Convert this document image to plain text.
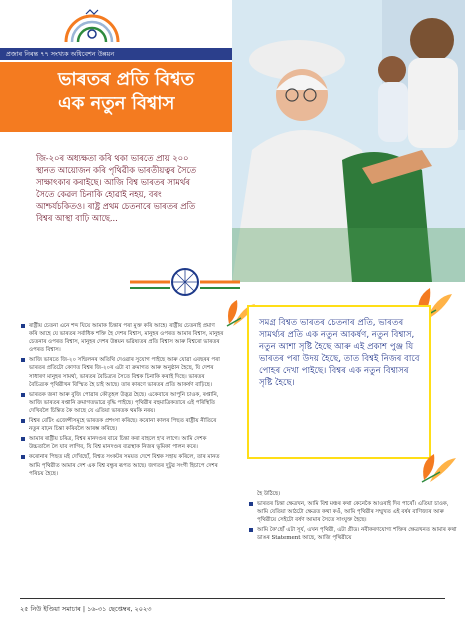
প্ৰজাৰ নিৰন্ত ৭৭ সংখ্যক অধিবেশন উন্নয়ন
ভাৰতৰ প্ৰতি বিশ্বত
এক নতুন বিশ্বাস

জি-২০ৰ অধ্যক্ষতা কৰি থকা ভাৰতে প্ৰায় ২০০ স্থানত আয়োজন কৰি পৃথিৱীক ভাৰতীয়ত্বৰ সৈতে সাক্ষাৎকাৰ কৰাইছে। আজি বিশ্ব ভাৰতৰ সামৰ্থৰ সৈতে কেৱল চিনাকি হোৱাই নহয়, বৰং আশ্চৰ্যচকিতও। ৰাষ্ট্ৰ প্ৰথম চেতনাৰে ভাৰতৰ প্ৰতি বিশ্বৰ আস্থা বাঢ়ি আছে...

ৰাষ্ট্ৰীয় চেতনা এনে শব্দ যিয়ে আমাক চিন্তাৰ পৰা মুক্ত কৰি আহে। ৰাষ্ট্ৰীয় চেতনাই প্ৰমাণ কৰি আহে যে ভাৰতৰ সৰ্বাধিক শক্তি হৈ দেশৰ বিশ্বাস, মানুহৰ ওপৰত আমাৰ বিশ্বাস, মানুহৰ চেতনাৰ ওপৰত বিশ্বাস, মানুহৰ দেশৰ উন্নয়ন ভৱিষ্যতৰ প্ৰতি বিশ্বাস আৰু বিশ্বৰো ভাৰতৰ ওপৰত বিশ্বাস।
আজি ভাৰতে জি-২০ সন্মিলনৰ অতিথি দেওৱাৰ সুযোগ পাইছে আৰু যোৱা এবছৰৰ পৰা ভাৰতৰ প্ৰতিটো কোণত বিশ্বৰ জি-২০ৰ এটা বা ক্ৰমাগত আৰু অনুষ্ঠান হৈছে, যি দেশৰ সাধাৰণ মানুহৰ সামৰ্থ্য, ভাৰতৰ বৈচিত্ৰ্যৰ সৈতে বিশ্বক চিনাকি কৰাই দিছে। ভাৰতৰ বৈচিত্ৰ্যক পৃথিৱীখন বিস্মিত হৈ চাই আছে। তাৰ কাৰণে ভাৰতৰ প্ৰতি আকৰ্ষণ বাঢ়িছে।
ভাৰতক জনা আৰু বুজি পোৱাৰ কৌতূহল উদ্ভৱ হৈছে। একেবাৰে আপুনি চাওক, ৰপ্তানি, আজি ভাৰতৰ ৰপ্তানি ক্ৰমাগতভাৱে বৃদ্ধি পাইছে। পৃথিৱীৰ বহুমাত্ৰিকতাৰে এই পৰিস্থিতি দেখিবলৈ চিন্তিত কৈ আছে যে এতিয়া ভাৰতক থমকি নৰয়।
বিশ্বৰ বেটিং এজেন্সীসমূহে ভাৰতক প্ৰশংসা কৰিছে। কৰোনা কালৰ পিছত ৰাষ্ট্ৰীয় নীতিৰে নতুন বাঢ়ন চিন্তা কৰিবলৈ আৰম্ভ কৰিছে।
আমাৰ ৰাষ্ট্ৰীয় চৰিত্ৰ, বিশ্বৰ মানদণ্ডৰ বাবে চিন্তা কৰা বাহলে হ'ব লাগে। আমি দেশক উচ্চতালৈ লৈ যাব লাগিব, যি বিশ্ব মানদণ্ডৰ ব্যৱস্থাক নিজৰ ভূমিকা পালন কৰে।
কৰোনাৰ পিছত মই দেখিছোঁ, বিশ্বত সংকটৰ সময়ত দেশে বিশ্বক সহায় কৰিলে, তাৰ মানত আমি পৃথিৱীত আমাৰ দেশ এক বিশ্ব বন্ধুৰ ৰূপত আছে। জগতৰ দুটুৱ সংগী হিচাপে দেশৰ পৰিচয় হৈছে।

সমগ্ৰ বিশ্বত ভাৰতৰ চেতনাৰ প্ৰতি, ভাৰতৰ সামৰ্থ্যৰ প্ৰতি এক নতুন আকৰ্ষণ, নতুন বিশ্বাস, নতুন আশা সৃষ্টি হৈছে আৰু এই প্ৰকাশ পুঞ্জ যি ভাৰতৰ পৰা উদয় হৈছে, তাত বিশ্বই নিজৰ বাবে পোহৰ দেখা পাইছে। বিশ্বৰ এক নতুন বিশ্বাসৰ সৃষ্টি হৈছে।

হৈ উঠিছে।
ভাৰতৰ চিন্তা ক্ষেত্ৰখন, আমি বিশ্ব মঞ্চৰ কথা কেনেকৈ আওৰাই দিব পাৰোঁ। এতিয়া চাওক, আমি যেতিয়া আঠটো ক্ষেত্ৰত কথা কওঁ, আমি পৃথিৱীৰ সম্মুখত এই বৰ্ষৰ বাণিজ্যৰ আৰু পৃথিৱীয়ে সেইটো বৰ্ষণ আমাৰ সৈতে সাংযুক্ত হৈছে।
আমি কৈ'ছোঁ এটা সূৰ্য, এখন পৃথিৱী, এটা গ্ৰীড। নবীকৰণযোগ্য শক্তিৰ ক্ষেত্ৰখনত আমাৰ কথা ডাঙৰ Statement আছে, আজি পৃথিৱীয়ে
২৫ নিউ ইণ্ডিয়া সমাচাৰ | ১৬-৩১ ছেপ্তেম্বৰ, ২০২৩
